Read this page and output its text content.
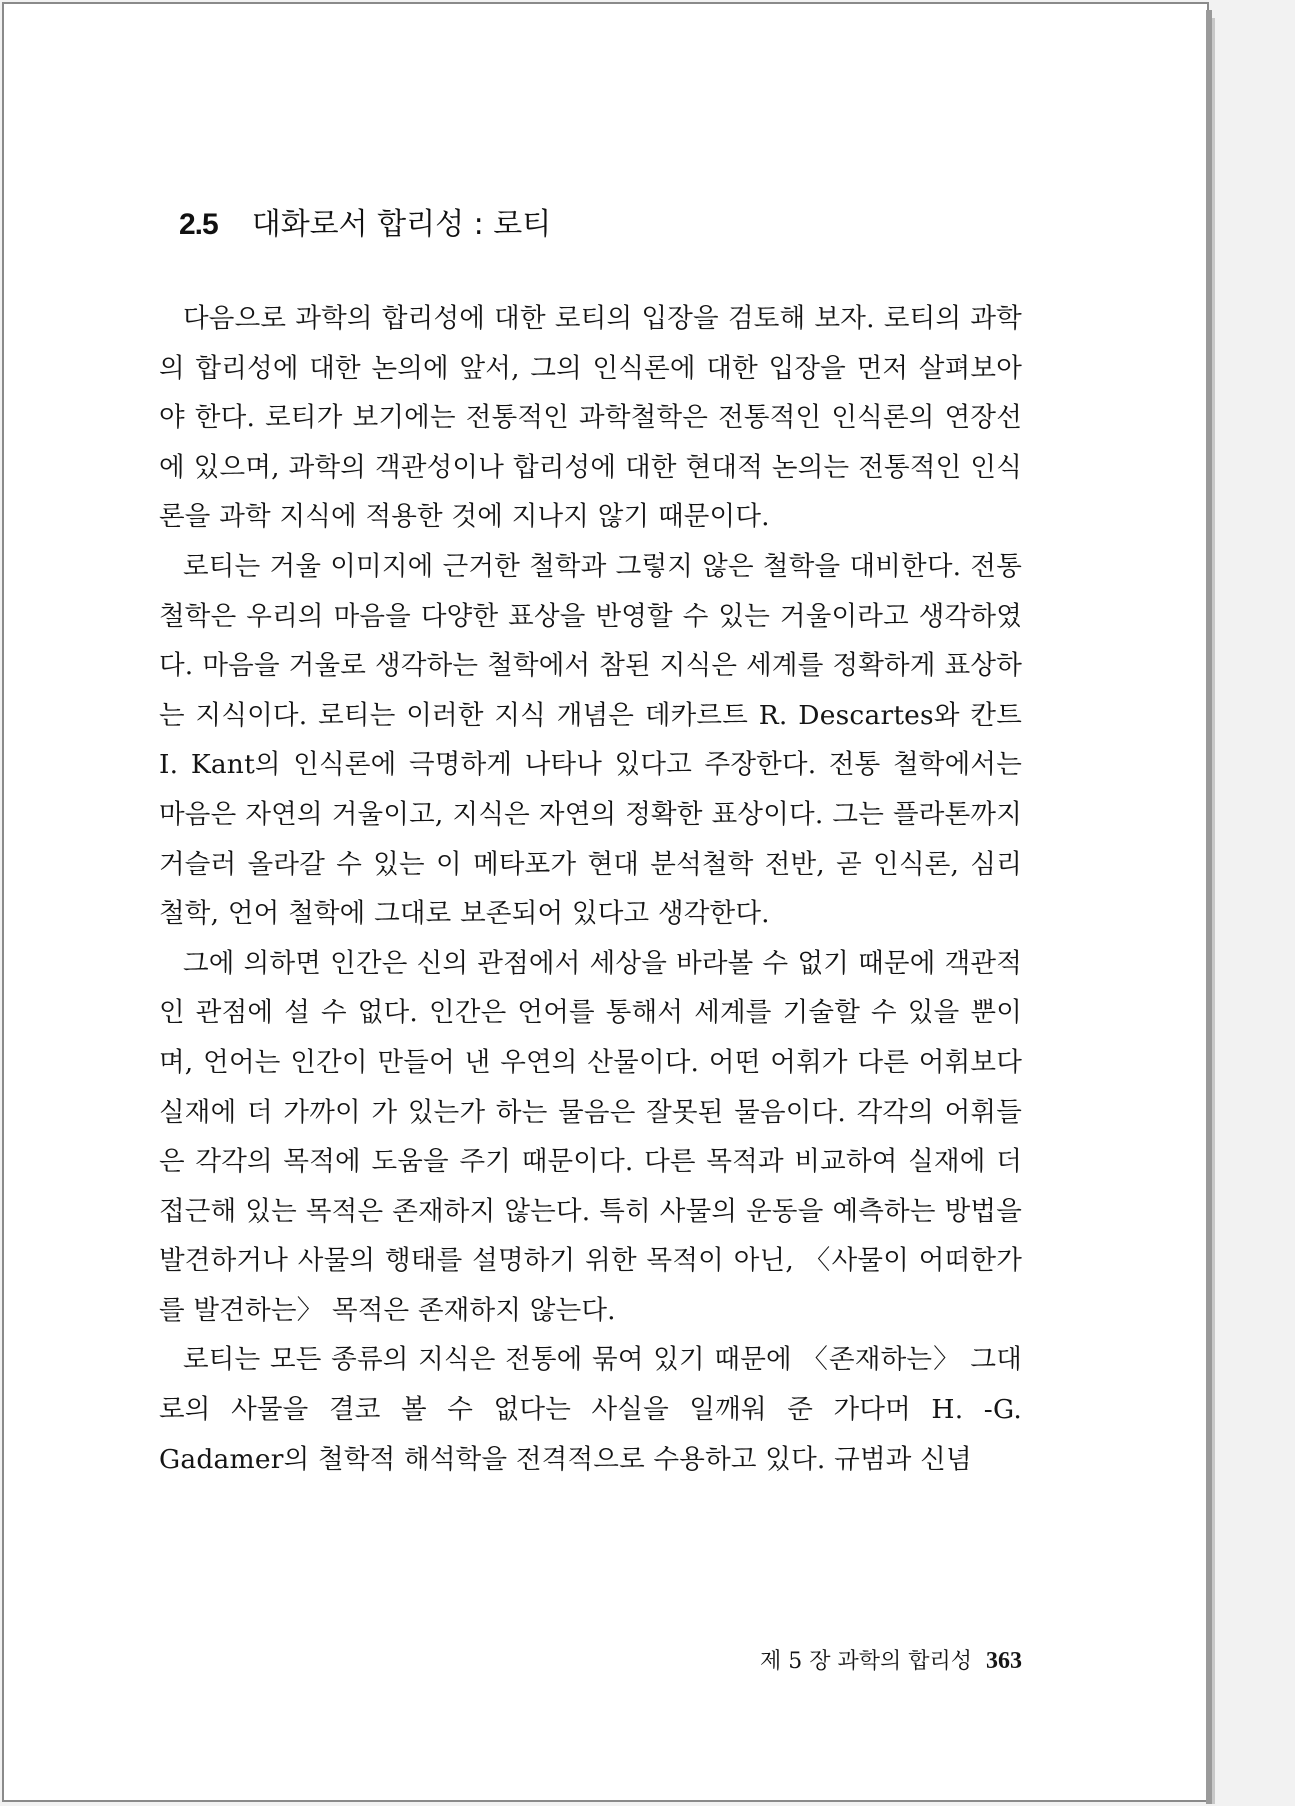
2.5 대화로서 합리성 : 로티

다음으로 과학의 합리성에 대한 로티의 입장을 검토해 보자. 로티의 과학의 합리성에 대한 논의에 앞서, 그의 인식론에 대한 입장을 먼저 살펴보아야 한다. 로티가 보기에는 전통적인 과학철학은 전통적인 인식론의 연장선에 있으며, 과학의 객관성이나 합리성에 대한 현대적 논의는 전통적인 인식론을 과학 지식에 적용한 것에 지나지 않기 때문이다.

로티는 거울 이미지에 근거한 철학과 그렇지 않은 철학을 대비한다. 전통 철학은 우리의 마음을 다양한 표상을 반영할 수 있는 거울이라고 생각하였다. 마음을 거울로 생각하는 철학에서 참된 지식은 세계를 정확하게 표상하는 지식이다. 로티는 이러한 지식 개념은 데카르트 R. Descartes와 칸트 I. Kant의 인식론에 극명하게 나타나 있다고 주장한다. 전통 철학에서는 마음은 자연의 거울이고, 지식은 자연의 정확한 표상이다. 그는 플라톤까지 거슬러 올라갈 수 있는 이 메타포가 현대 분석철학 전반, 곧 인식론, 심리 철학, 언어 철학에 그대로 보존되어 있다고 생각한다.

그에 의하면 인간은 신의 관점에서 세상을 바라볼 수 없기 때문에 객관적인 관점에 설 수 없다. 인간은 언어를 통해서 세계를 기술할 수 있을 뿐이며, 언어는 인간이 만들어 낸 우연의 산물이다. 어떤 어휘가 다른 어휘보다 실재에 더 가까이 가 있는가 하는 물음은 잘못된 물음이다. 각각의 어휘들은 각각의 목적에 도움을 주기 때문이다. 다른 목적과 비교하여 실재에 더 접근해 있는 목적은 존재하지 않는다. 특히 사물의 운동을 예측하는 방법을 발견하거나 사물의 행태를 설명하기 위한 목적이 아닌, 〈사물이 어떠한가를 발견하는〉 목적은 존재하지 않는다.

로티는 모든 종류의 지식은 전통에 묶여 있기 때문에 〈존재하는〉 그대로의 사물을 결코 볼 수 없다는 사실을 일깨워 준 가다머 H. -G. Gadamer의 철학적 해석학을 전격적으로 수용하고 있다. 규범과 신념

제 5 장 과학의 합리성 363
